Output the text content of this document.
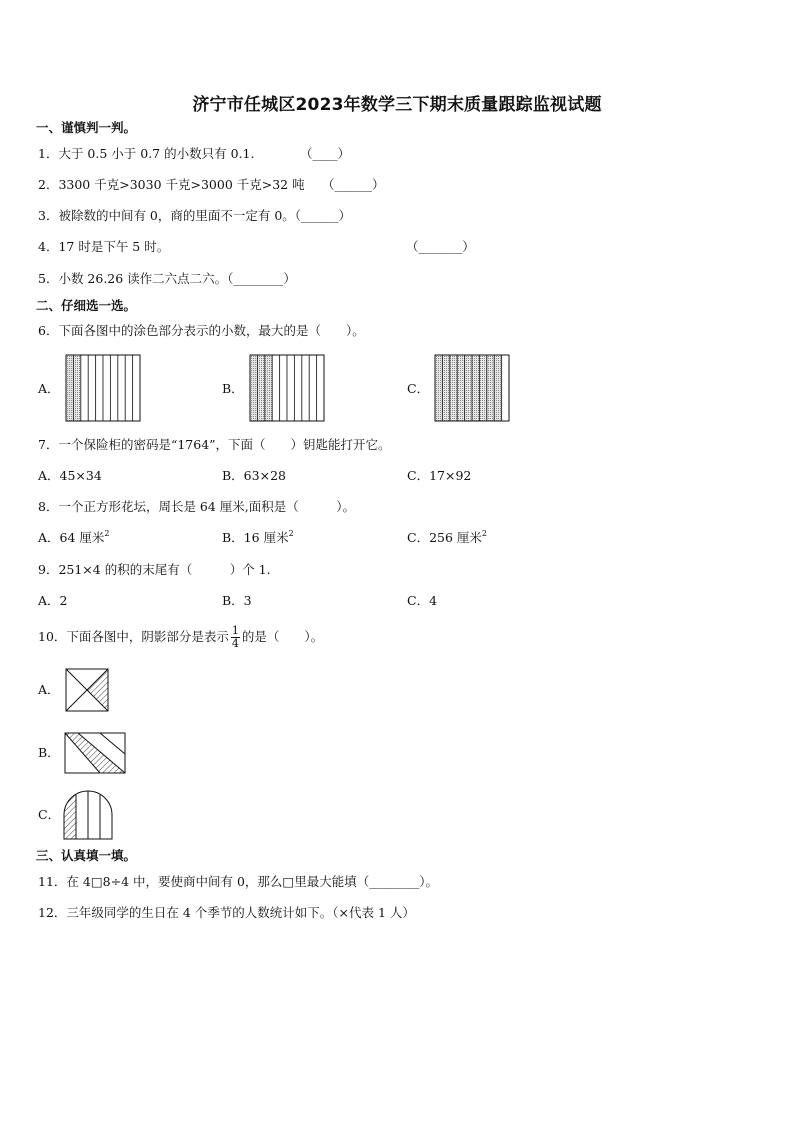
济宁市任城区2023年数学三下期末质量跟踪监视试题
一、谨慎判一判。
1．大于 0.5 小于 0.7 的小数只有 0.1.	（____）
2．3300 千克>3030 千克>3000 千克>32 吨 （______）
3．被除数的中间有 0，商的里面不一定有 0。（______）
4．17 时是下午 5 时。	（_______）
5．小数 26.26 读作二六点二六。（________）
二、仔细选一选。
6．下面各图中的涂色部分表示的小数，最大的是（　　）。
A．	B．	C．
7．一个保险柜的密码是“1764”，下面（　　）钥匙能打开它。
A．45×34	B．63×28	C．17×92
8．一个正方形花坛，周长是 64 厘米,面积是（　　　）。
A．64 厘米$^2$	B．16 厘米$^2$	C．256 厘米$^2$
9．251×4 的积的末尾有（　　　）个 1.
A．2	B．3	C．4
10．下面各图中，阴影部分是表示 $\frac{1}{4}$ 的是（　　）。
A．
B．
C．
三、认真填一填。
11．在 4□8÷4 中，要使商中间有 0，那么□里最大能填（________）。
12．三年级同学的生日在 4 个季节的人数统计如下。（×代表 1 人）
